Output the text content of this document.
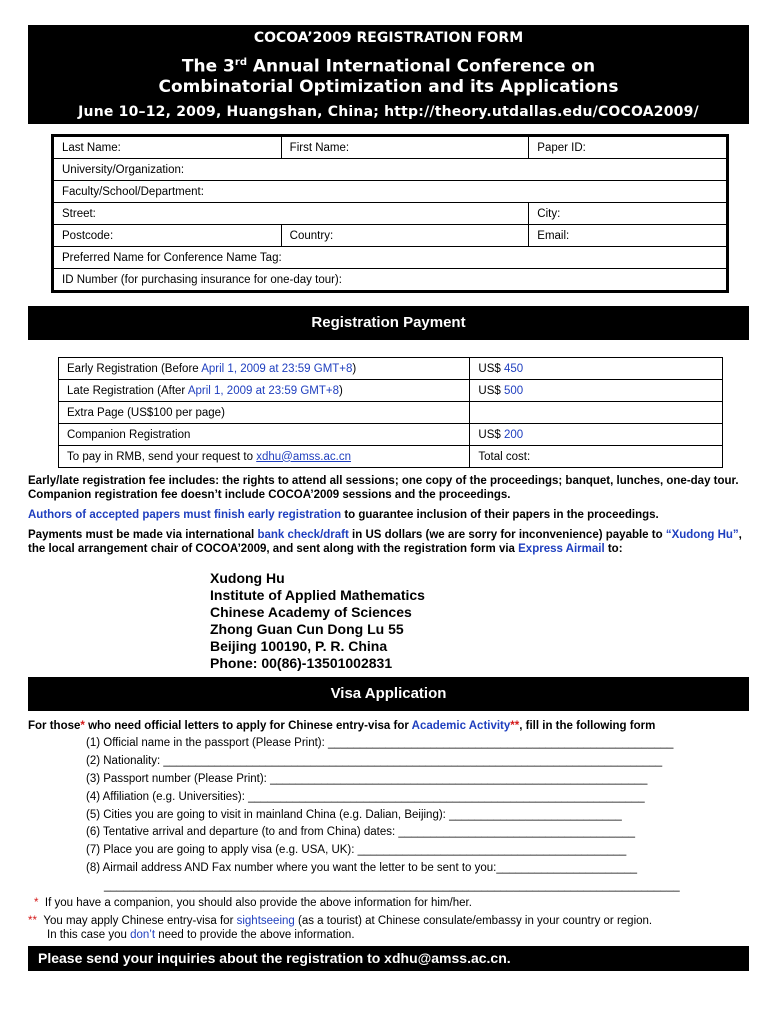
COCOA’2009 REGISTRATION FORM
The 3rd Annual International Conference on
Combinatorial Optimization and its Applications
June 10–12, 2009, Huangshan, China; http://theory.utdallas.edu/COCOA2009/
Last Name:	First Name:	Paper ID:
University/Organization:		
Faculty/School/Department:		
Street:		City:
Postcode:	Country:	Email:
Preferred Name for Conference Name Tag:		
ID Number (for purchasing insurance for one-day tour):		
Registration Payment
Early Registration (Before April 1, 2009 at 23:59 GMT+8)	US$ 450
Late Registration (After April 1, 2009 at 23:59 GMT+8)	US$ 500
Extra Page (US$100 per page)	
Companion Registration	US$ 200
To pay in RMB, send your request to xdhu@amss.ac.cn	Total cost:
Early/late registration fee includes: the rights to attend all sessions; one copy of the proceedings; banquet, lunches, one-day tour. Companion registration fee doesn’t include COCOA’2009 sessions and the proceedings.
Authors of accepted papers must finish early registration to guarantee inclusion of their papers in the proceedings.
Payments must be made via international bank check/draft in US dollars (we are sorry for inconvenience) payable to “Xudong Hu”, the local arrangement chair of COCOA’2009, and sent along with the registration form via Express Airmail to:
Xudong Hu
Institute of Applied Mathematics
Chinese Academy of Sciences
Zhong Guan Cun Dong Lu 55
Beijing 100190, P. R. China
Phone: 00(86)-13501002831
Visa Application
For those* who need official letters to apply for Chinese entry-visa for Academic Activity**, fill in the following form
(1) Official name in the passport (Please Print): ______________________________________________________
(2) Nationality: ______________________________________________________________________________
(3) Passport number (Please Print): ___________________________________________________________
(4) Affiliation (e.g. Universities): ______________________________________________________________
(5) Cities you are going to visit in mainland China (e.g. Dalian, Beijing): ___________________________
(6) Tentative arrival and departure (to and from China) dates: _____________________________________
(7) Place you are going to apply visa (e.g. USA, UK): __________________________________________
(8) Airmail address AND Fax number where you want the letter to be sent to you:______________________
__________________________________________________________________________________________
* If you have a companion, you should also provide the above information for him/her.
** You may apply Chinese entry-visa for sightseeing (as a tourist) at Chinese consulate/embassy in your country or region.
In this case you don’t need to provide the above information.
Please send your inquiries about the registration to xdhu@amss.ac.cn.
